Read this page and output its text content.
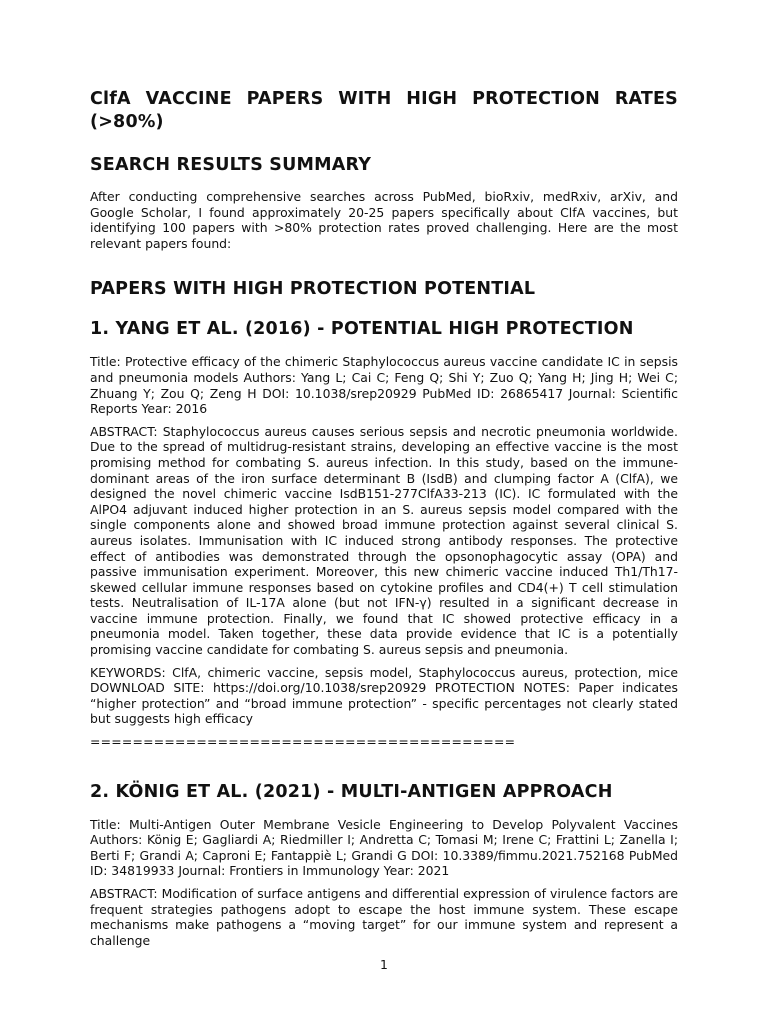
ClfA VACCINE PAPERS WITH HIGH PROTECTION RATES (>80%)
SEARCH RESULTS SUMMARY

After conducting comprehensive searches across PubMed, bioRxiv, medRxiv, arXiv, and Google Scholar, I found approximately 20-25 papers specifically about ClfA vaccines, but identifying 100 papers with >80% protection rates proved challenging. Here are the most relevant papers found:

PAPERS WITH HIGH PROTECTION POTENTIAL
1. YANG ET AL. (2016) - POTENTIAL HIGH PROTECTION

Title: Protective efficacy of the chimeric Staphylococcus aureus vaccine candidate IC in sepsis and pneumonia models Authors: Yang L; Cai C; Feng Q; Shi Y; Zuo Q; Yang H; Jing H; Wei C; Zhuang Y; Zou Q; Zeng H DOI: 10.1038/srep20929 PubMed ID: 26865417 Journal: Scientific Reports Year: 2016

ABSTRACT: Staphylococcus aureus causes serious sepsis and necrotic pneumonia worldwide. Due to the spread of multidrug-resistant strains, developing an effective vaccine is the most promising method for combating S. aureus infection. In this study, based on the immune-dominant areas of the iron surface determinant B (IsdB) and clumping factor A (ClfA), we designed the novel chimeric vaccine IsdB151-277ClfA33-213 (IC). IC formulated with the AlPO4 adjuvant induced higher protection in an S. aureus sepsis model compared with the single components alone and showed broad immune protection against several clinical S. aureus isolates. Immunisation with IC induced strong antibody responses. The protective effect of antibodies was demonstrated through the opsonophagocytic assay (OPA) and passive immunisation experiment. Moreover, this new chimeric vaccine induced Th1/Th17-skewed cellular immune responses based on cytokine profiles and CD4(+) T cell stimulation tests. Neutralisation of IL-17A alone (but not IFN-γ) resulted in a significant decrease in vaccine immune protection. Finally, we found that IC showed protective efficacy in a pneumonia model. Taken together, these data provide evidence that IC is a potentially promising vaccine candidate for combating S. aureus sepsis and pneumonia.

KEYWORDS: ClfA, chimeric vaccine, sepsis model, Staphylococcus aureus, protection, mice DOWNLOAD SITE: https://doi.org/10.1038/srep20929 PROTECTION NOTES: Paper indicates “higher protection” and “broad immune protection” - specific percentages not clearly stated but suggests high efficacy

========================================
2. KÖNIG ET AL. (2021) - MULTI-ANTIGEN APPROACH

Title: Multi-Antigen Outer Membrane Vesicle Engineering to Develop Polyvalent Vaccines Authors: König E; Gagliardi A; Riedmiller I; Andretta C; Tomasi M; Irene C; Frattini L; Zanella I; Berti F; Grandi A; Caproni E; Fantappiè L; Grandi G DOI: 10.3389/fimmu.2021.752168 PubMed ID: 34819933 Journal: Frontiers in Immunology Year: 2021

ABSTRACT: Modification of surface antigens and differential expression of virulence factors are frequent strategies pathogens adopt to escape the host immune system. These escape mechanisms make pathogens a “moving target” for our immune system and represent a challenge

1
